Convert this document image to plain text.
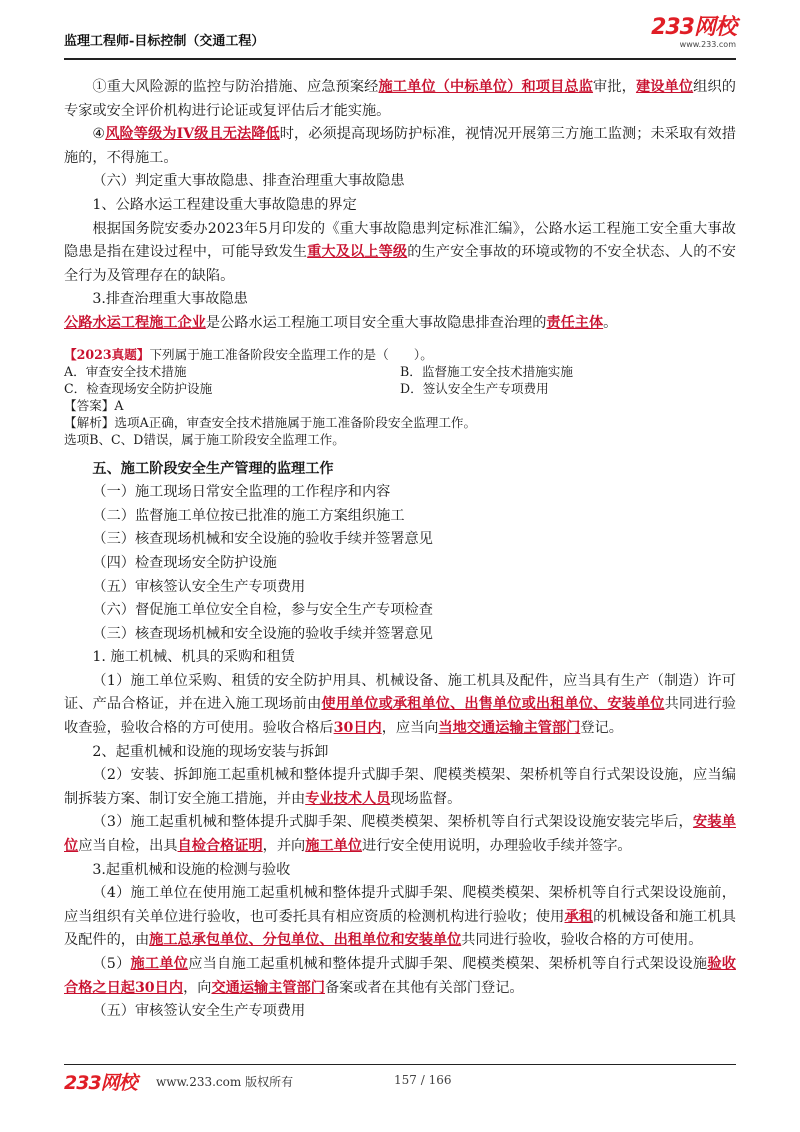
监理工程师-目标控制（交通工程）
233网校
www.233.com

①重大风险源的监控与防治措施、应急预案经施工单位（中标单位）和项目总监审批，建设单位组织的专家或安全评价机构进行论证或复评估后才能实施。

④风险等级为IV级且无法降低时，必须提高现场防护标准，视情况开展第三方施工监测；未采取有效措施的，不得施工。

（六）判定重大事故隐患、排查治理重大事故隐患

1、公路水运工程建设重大事故隐患的界定

根据国务院安委办2023年5月印发的《重大事故隐患判定标准汇编》，公路水运工程施工安全重大事故隐患是指在建设过程中，可能导致发生重大及以上等级的生产安全事故的环境或物的不安全状态、人的不安全行为及管理存在的缺陷。

3.排查治理重大事故隐患

公路水运工程施工企业是公路水运工程施工项目安全重大事故隐患排查治理的责任主体。

【2023真题】下列属于施工准备阶段安全监理工作的是（　　）。

A．审查安全技术措施	B．监督施工安全技术措施实施
C．检查现场安全防护设施	D．签认安全生产专项费用

【答案】A

【解析】选项A正确，审查安全技术措施属于施工准备阶段安全监理工作。

选项B、C、D错误，属于施工阶段安全监理工作。

五、施工阶段安全生产管理的监理工作

（一）施工现场日常安全监理的工作程序和内容

（二）监督施工单位按已批准的施工方案组织施工

（三）核查现场机械和安全设施的验收手续并签署意见

（四）检查现场安全防护设施

（五）审核签认安全生产专项费用

（六）督促施工单位安全自检，参与安全生产专项检查

（三）核查现场机械和安全设施的验收手续并签署意见

1. 施工机械、机具的采购和租赁

（1）施工单位采购、租赁的安全防护用具、机械设备、施工机具及配件，应当具有生产（制造）许可证、产品合格证，并在进入施工现场前由使用单位或承租单位、出售单位或出租单位、安装单位共同进行验收查验，验收合格的方可使用。验收合格后30日内，应当向当地交通运输主管部门登记。

2、起重机械和设施的现场安装与拆卸

（2）安装、拆卸施工起重机械和整体提升式脚手架、爬模类模架、架桥机等自行式架设设施，应当编制拆装方案、制订安全施工措施，并由专业技术人员现场监督。

（3）施工起重机械和整体提升式脚手架、爬模类模架、架桥机等自行式架设设施安装完毕后，安装单位应当自检，出具自检合格证明，并向施工单位进行安全使用说明，办理验收手续并签字。

3.起重机械和设施的检测与验收

（4）施工单位在使用施工起重机械和整体提升式脚手架、爬模类模架、架桥机等自行式架设设施前，应当组织有关单位进行验收，也可委托具有相应资质的检测机构进行验收；使用承租的机械设备和施工机具及配件的，由施工总承包单位、分包单位、出租单位和安装单位共同进行验收，验收合格的方可使用。

（5）施工单位应当自施工起重机械和整体提升式脚手架、爬模类模架、架桥机等自行式架设设施验收合格之日起30日内，向交通运输主管部门备案或者在其他有关部门登记。

（五）审核签认安全生产专项费用

233网校 www.233.com 版权所有	157 / 166
